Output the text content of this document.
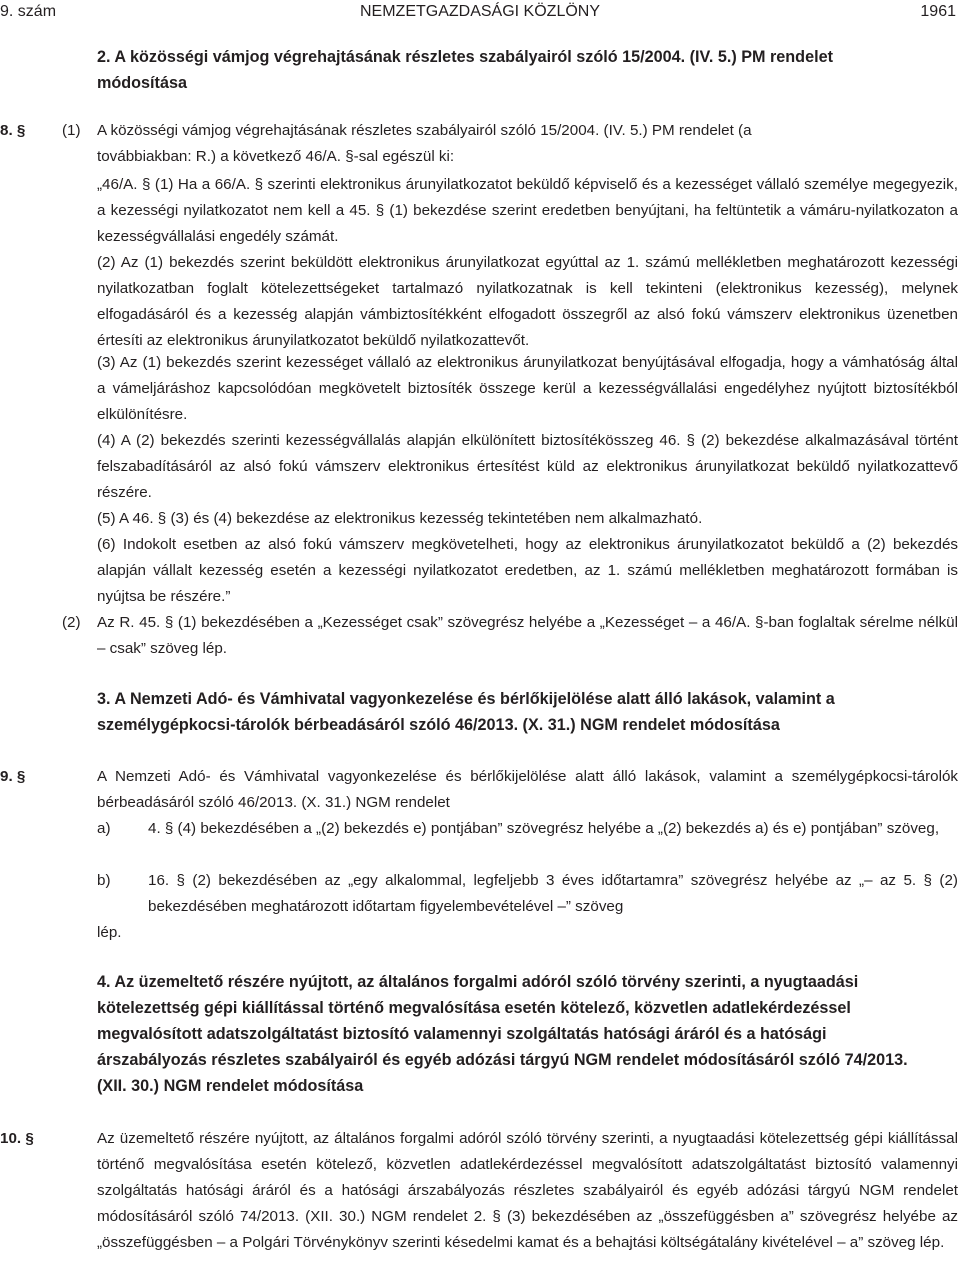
9. szám	NEMZETGAZDASÁGI KÖZLÖNY	1961
2. A közösségi vámjog végrehajtásának részletes szabályairól szóló 15/2004. (IV. 5.) PM rendelet módosítása
8. § (1) A közösségi vámjog végrehajtásának részletes szabályairól szóló 15/2004. (IV. 5.) PM rendelet (a továbbiakban: R.) a következő 46/A. §-sal egészül ki:
„46/A. § (1) Ha a 66/A. § szerinti elektronikus árunyilatkozatot beküldő képviselő és a kezességet vállaló személye megegyezik, a kezességi nyilatkozatot nem kell a 45. § (1) bekezdése szerint eredetben benyújtani, ha feltüntetik a vámáru-nyilatkozaton a kezességvállalási engedély számát.
(2) Az (1) bekezdés szerint beküldött elektronikus árunyilatkozat egyúttal az 1. számú mellékletben meghatározott kezességi nyilatkozatban foglalt kötelezettségeket tartalmazó nyilatkozatnak is kell tekinteni (elektronikus kezesség), melynek elfogadásáról és a kezesség alapján vámbiztosítékként elfogadott összegről az alsó fokú vámszerv elektronikus üzenetben értesíti az elektronikus árunyilatkozatot beküldő nyilatkozattevőt.
(3) Az (1) bekezdés szerint kezességet vállaló az elektronikus árunyilatkozat benyújtásával elfogadja, hogy a vámhatóság által a vámeljáráshoz kapcsolódóan megkövetelt biztosíték összege kerül a kezességvállalási engedélyhez nyújtott biztosítékból elkülönítésre.
(4) A (2) bekezdés szerinti kezességvállalás alapján elkülönített biztosítékösszeg 46. § (2) bekezdése alkalmazásával történt felszabadításáról az alsó fokú vámszerv elektronikus értesítést küld az elektronikus árunyilatkozat beküldő nyilatkozattevő részére.
(5) A 46. § (3) és (4) bekezdése az elektronikus kezesség tekintetében nem alkalmazható.
(6) Indokolt esetben az alsó fokú vámszerv megkövetelheti, hogy az elektronikus árunyilatkozatot beküldő a (2) bekezdés alapján vállalt kezesség esetén a kezességi nyilatkozatot eredetben, az 1. számú mellékletben meghatározott formában is nyújtsa be részére.”
(2) Az R. 45. § (1) bekezdésében a „Kezességet csak” szövegrész helyébe a „Kezességet – a 46/A. §-ban foglaltak sérelme nélkül – csak” szöveg lép.
3. A Nemzeti Adó- és Vámhivatal vagyonkezelése és bérlőkijelölése alatt álló lakások, valamint a személygépkocsi-tárolók bérbeadásáról szóló 46/2013. (X. 31.) NGM rendelet módosítása
9. §	A Nemzeti Adó- és Vámhivatal vagyonkezelése és bérlőkijelölése alatt álló lakások, valamint a személygépkocsi-tárolók bérbeadásáról szóló 46/2013. (X. 31.) NGM rendelet
a) 4. § (4) bekezdésében a „(2) bekezdés e) pontjában” szövegrész helyébe a „(2) bekezdés a) és e) pontjában” szöveg,
b) 16. § (2) bekezdésében az „egy alkalommal, legfeljebb 3 éves időtartamra” szövegrész helyébe az „– az 5. § (2) bekezdésében meghatározott időtartam figyelembevételével –” szöveg
lép.
4. Az üzemeltető részére nyújtott, az általános forgalmi adóról szóló törvény szerinti, a nyugtaadási kötelezettség gépi kiállítással történő megvalósítása esetén kötelező, közvetlen adatlekérdezéssel megvalósított adatszolgáltatást biztosító valamennyi szolgáltatás hatósági áráról és a hatósági árszabályozás részletes szabályairól és egyéb adózási tárgyú NGM rendelet módosításáról szóló 74/2013. (XII. 30.) NGM rendelet módosítása
10. §	Az üzemeltető részére nyújtott, az általános forgalmi adóról szóló törvény szerinti, a nyugtaadási kötelezettség gépi kiállítással történő megvalósítása esetén kötelező, közvetlen adatlekérdezéssel megvalósított adatszolgáltatást biztosító valamennyi szolgáltatás hatósági áráról és a hatósági árszabályozás részletes szabályairól és egyéb adózási tárgyú NGM rendelet módosításáról szóló 74/2013. (XII. 30.) NGM rendelet 2. § (3) bekezdésében az „összefüggésben a” szövegrész helyébe az „összefüggésben – a Polgári Törvénykönyv szerinti késedelmi kamat és a behajtási költségátalány kivételével – a” szöveg lép.
